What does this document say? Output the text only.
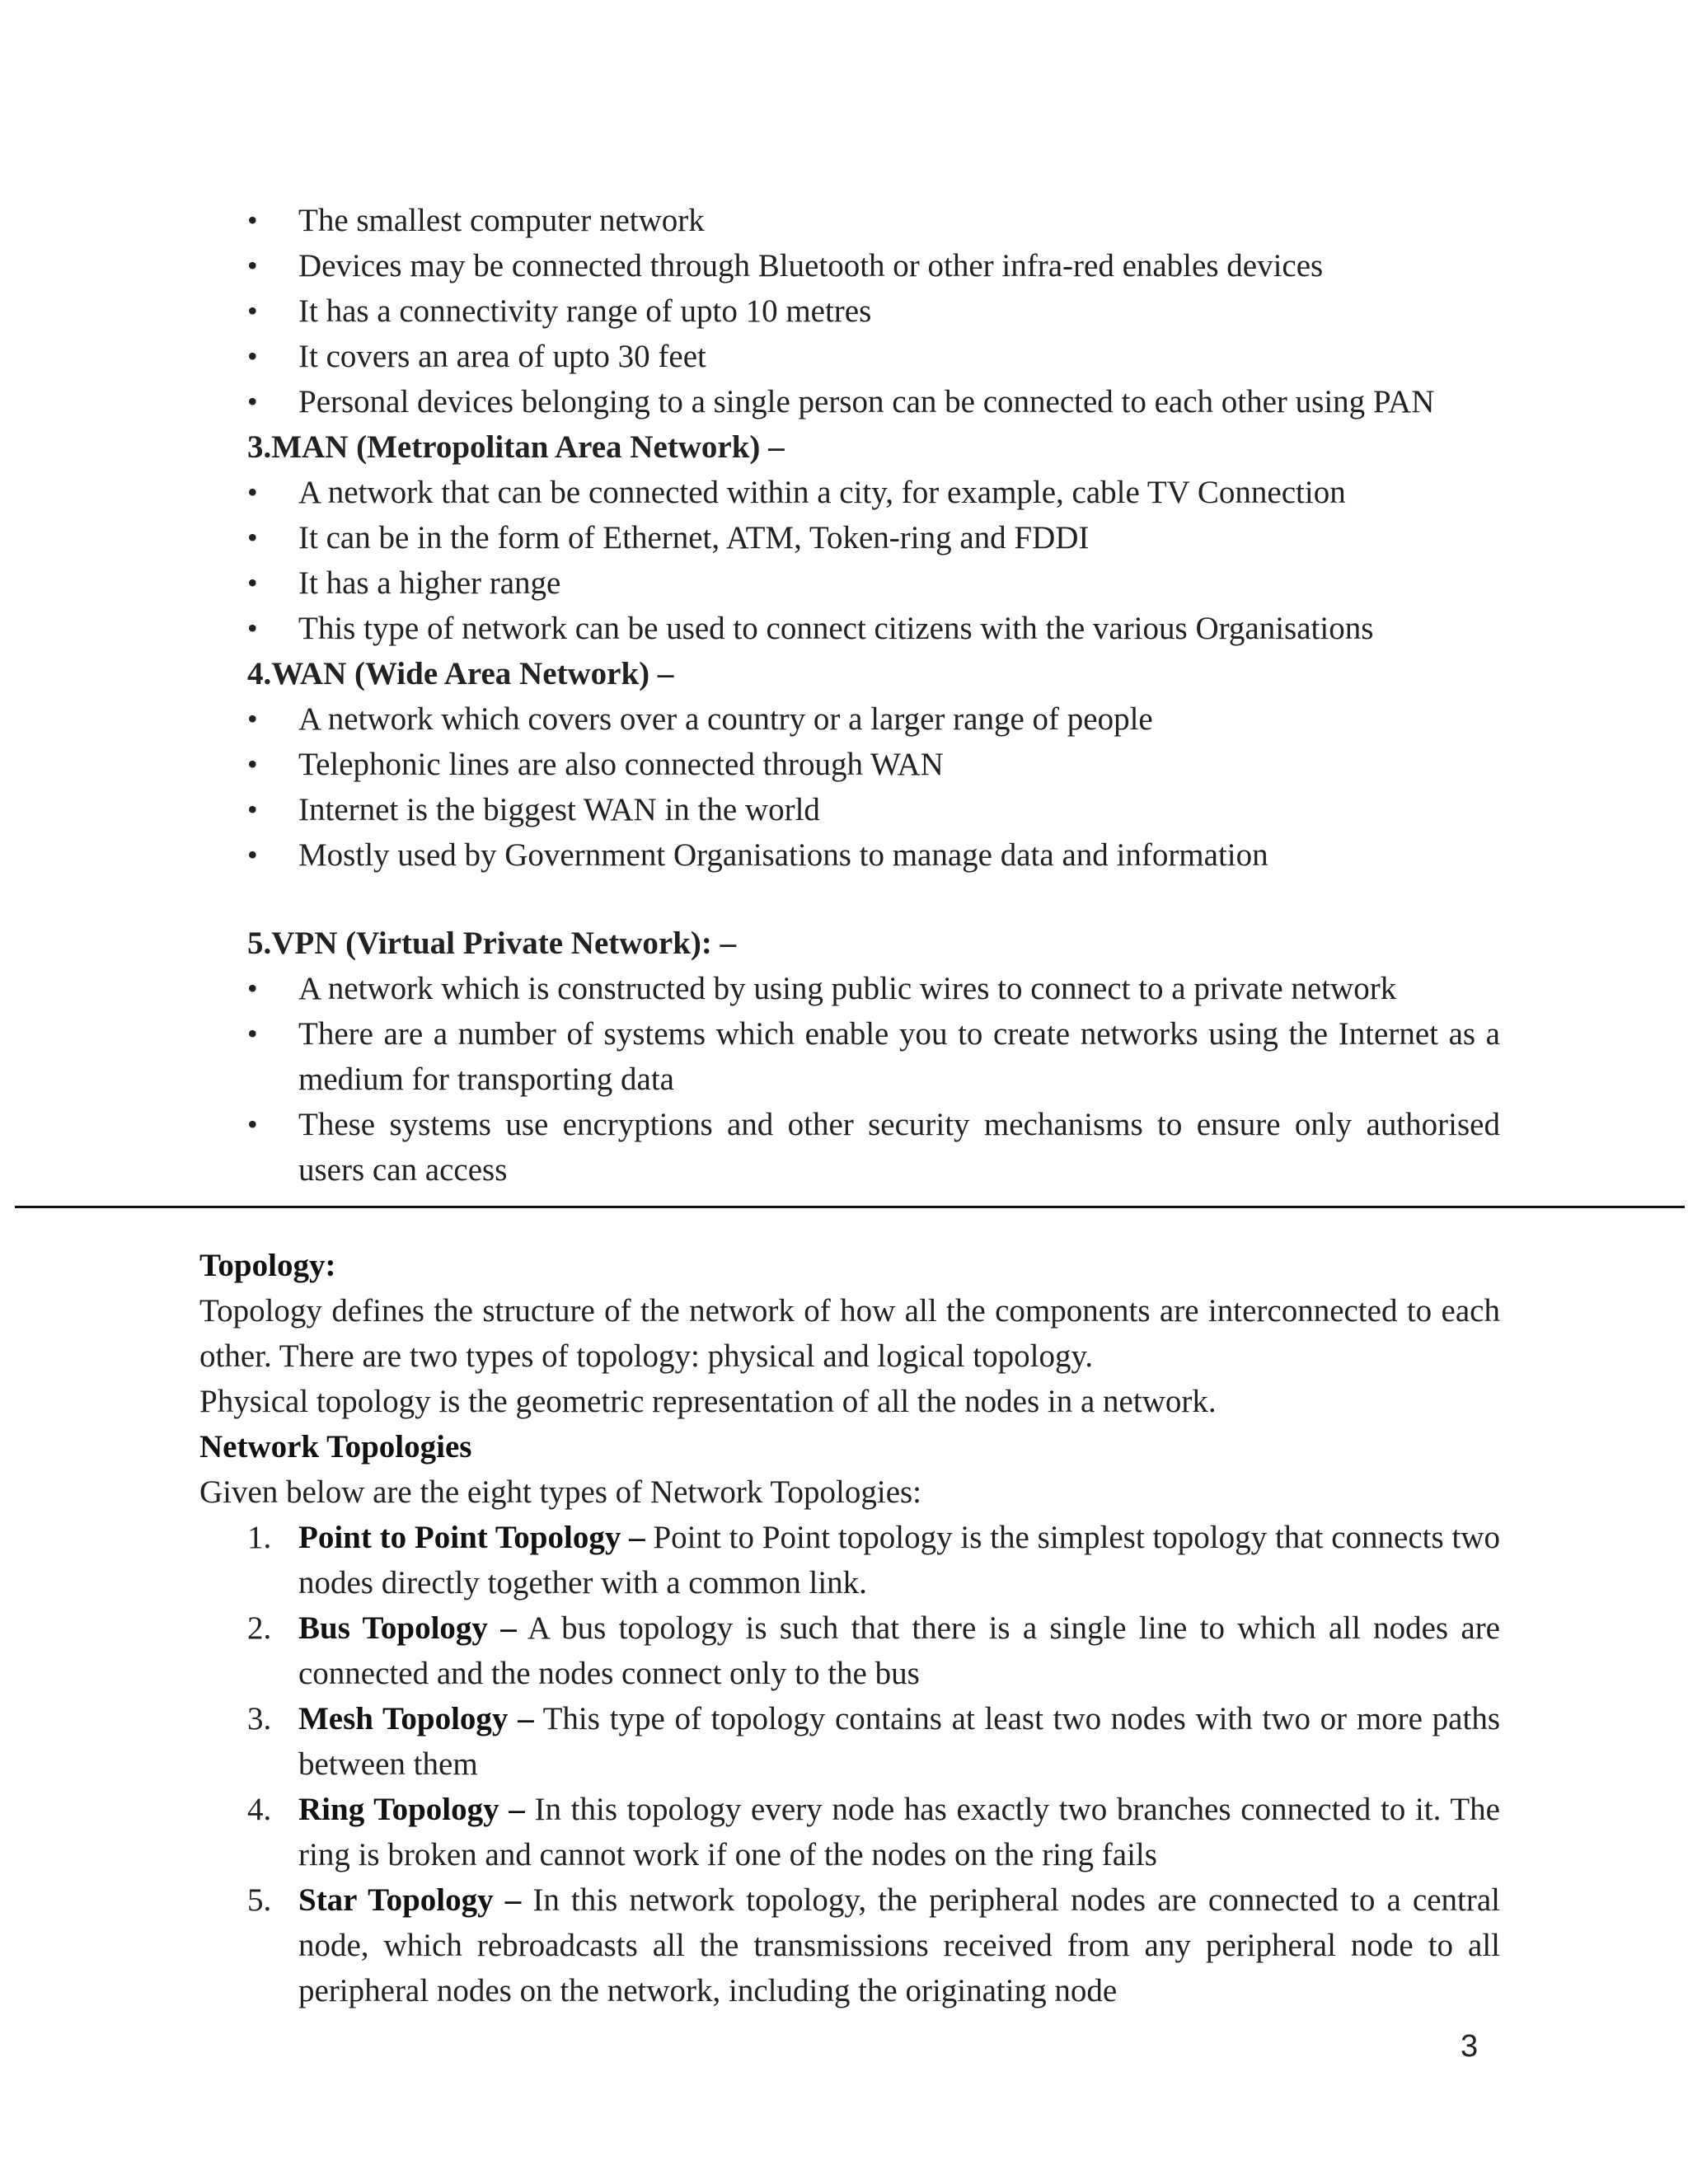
• The smallest computer network
• Devices may be connected through Bluetooth or other infra-red enables devices
• It has a connectivity range of upto 10 metres
• It covers an area of upto 30 feet
• Personal devices belonging to a single person can be connected to each other using PAN
3.MAN (Metropolitan Area Network) –
• A network that can be connected within a city, for example, cable TV Connection
• It can be in the form of Ethernet, ATM, Token-ring and FDDI
• It has a higher range
• This type of network can be used to connect citizens with the various Organisations
4.WAN (Wide Area Network) –
• A network which covers over a country or a larger range of people
• Telephonic lines are also connected through WAN
• Internet is the biggest WAN in the world
• Mostly used by Government Organisations to manage data and information
5.VPN (Virtual Private Network): –
• A network which is constructed by using public wires to connect to a private network
• There are a number of systems which enable you to create networks using the Internet as a medium for transporting data
• These systems use encryptions and other security mechanisms to ensure only authorised users can access
Topology:
Topology defines the structure of the network of how all the components are interconnected to each other. There are two types of topology: physical and logical topology.
Physical topology is the geometric representation of all the nodes in a network.
Network Topologies
Given below are the eight types of Network Topologies:
1. Point to Point Topology – Point to Point topology is the simplest topology that connects two nodes directly together with a common link.
2. Bus Topology – A bus topology is such that there is a single line to which all nodes are connected and the nodes connect only to the bus
3. Mesh Topology – This type of topology contains at least two nodes with two or more paths between them
4. Ring Topology – In this topology every node has exactly two branches connected to it. The ring is broken and cannot work if one of the nodes on the ring fails
5. Star Topology – In this network topology, the peripheral nodes are connected to a central node, which rebroadcasts all the transmissions received from any peripheral node to all peripheral nodes on the network, including the originating node
3
